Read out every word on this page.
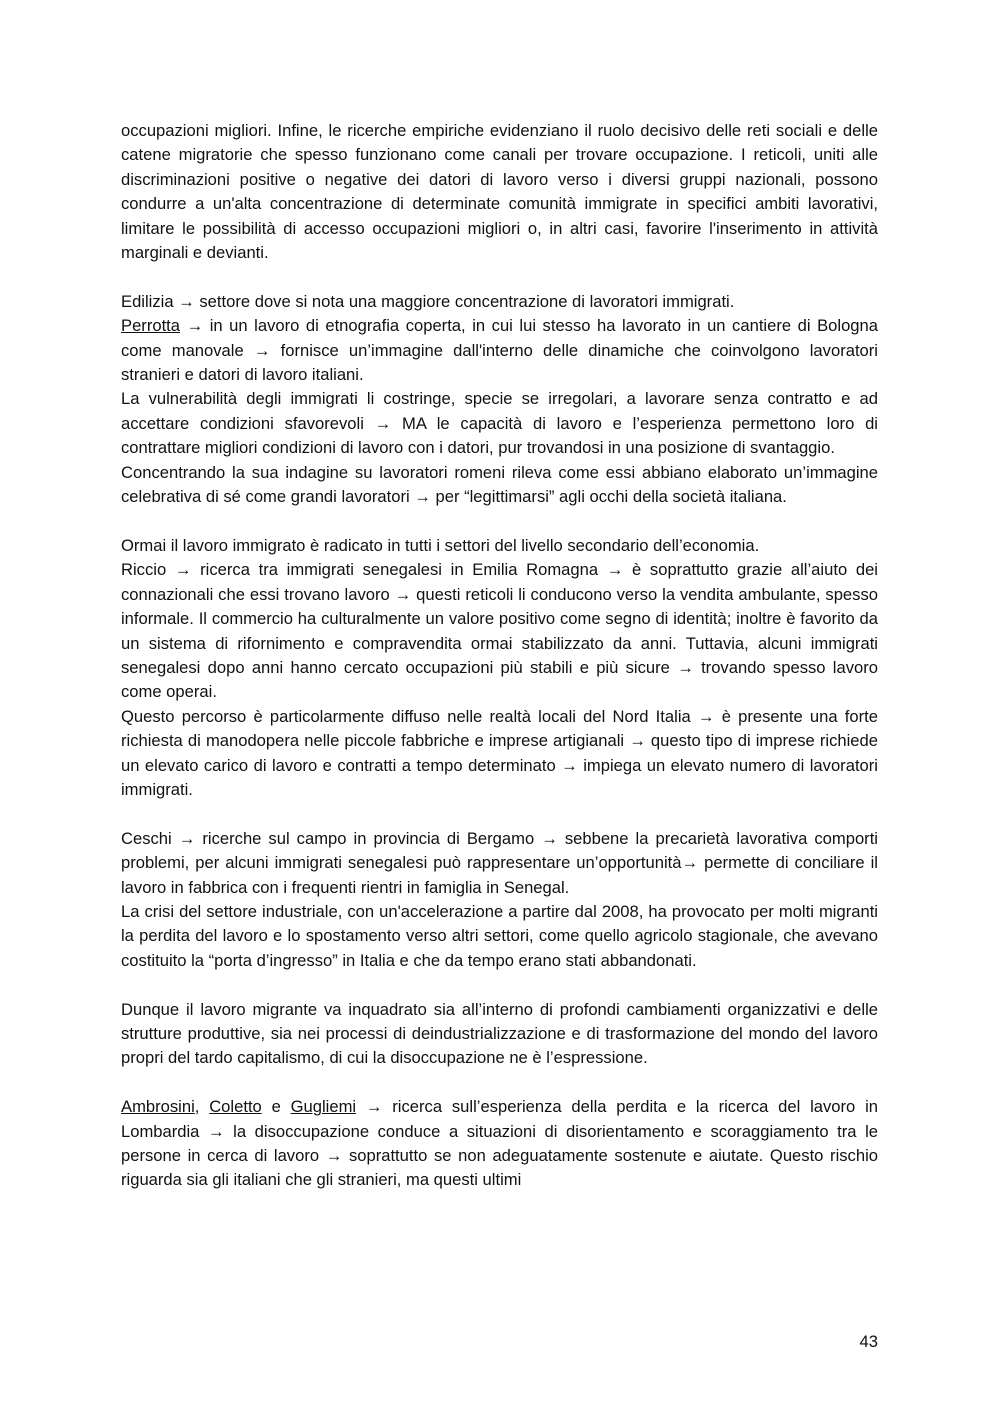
occupazioni migliori. Infine, le ricerche empiriche evidenziano il ruolo decisivo delle reti sociali e delle catene migratorie che spesso funzionano come canali per trovare occupazione. I reticoli, uniti alle discriminazioni positive o negative dei datori di lavoro verso i diversi gruppi nazionali, possono condurre a un'alta concentrazione di determinate comunità immigrate in specifici ambiti lavorativi, limitare le possibilità di accesso occupazioni migliori o, in altri casi, favorire l'inserimento in attività marginali e devianti.

Edilizia → settore dove si nota una maggiore concentrazione di lavoratori immigrati.

Perrotta → in un lavoro di etnografia coperta, in cui lui stesso ha lavorato in un cantiere di Bologna come manovale → fornisce un’immagine dall'interno delle dinamiche che coinvolgono lavoratori stranieri e datori di lavoro italiani.

La vulnerabilità degli immigrati li costringe, specie se irregolari, a lavorare senza contratto e ad accettare condizioni sfavorevoli → MA le capacità di lavoro e l’esperienza permettono loro di contrattare migliori condizioni di lavoro con i datori, pur trovandosi in una posizione di svantaggio.

Concentrando la sua indagine su lavoratori romeni rileva come essi abbiano elaborato un’immagine celebrativa di sé come grandi lavoratori → per “legittimarsi” agli occhi della società italiana.

Ormai il lavoro immigrato è radicato in tutti i settori del livello secondario dell’economia.

Riccio → ricerca tra immigrati senegalesi in Emilia Romagna → è soprattutto grazie all’aiuto dei connazionali che essi trovano lavoro → questi reticoli li conducono verso la vendita ambulante, spesso informale. Il commercio ha culturalmente un valore positivo come segno di identità; inoltre è favorito da un sistema di rifornimento e compravendita ormai stabilizzato da anni. Tuttavia, alcuni immigrati senegalesi dopo anni hanno cercato occupazioni più stabili e più sicure → trovando spesso lavoro come operai.

Questo percorso è particolarmente diffuso nelle realtà locali del Nord Italia → è presente una forte richiesta di manodopera nelle piccole fabbriche e imprese artigianali → questo tipo di imprese richiede un elevato carico di lavoro e contratti a tempo determinato → impiega un elevato numero di lavoratori immigrati.

Ceschi → ricerche sul campo in provincia di Bergamo → sebbene la precarietà lavorativa comporti problemi, per alcuni immigrati senegalesi può rappresentare un’opportunità→ permette di conciliare il lavoro in fabbrica con i frequenti rientri in famiglia in Senegal.

La crisi del settore industriale, con un'accelerazione a partire dal 2008, ha provocato per molti migranti la perdita del lavoro e lo spostamento verso altri settori, come quello agricolo stagionale, che avevano costituito la “porta d’ingresso” in Italia e che da tempo erano stati abbandonati.

Dunque il lavoro migrante va inquadrato sia all’interno di profondi cambiamenti organizzativi e delle strutture produttive, sia nei processi di deindustrializzazione e di trasformazione del mondo del lavoro propri del tardo capitalismo, di cui la disoccupazione ne è l’espressione.

Ambrosini, Coletto e Gugliemi → ricerca sull’esperienza della perdita e la ricerca del lavoro in Lombardia → la disoccupazione conduce a situazioni di disorientamento e scoraggiamento tra le persone in cerca di lavoro → soprattutto se non adeguatamente sostenute e aiutate. Questo rischio riguarda sia gli italiani che gli stranieri, ma questi ultimi

43
